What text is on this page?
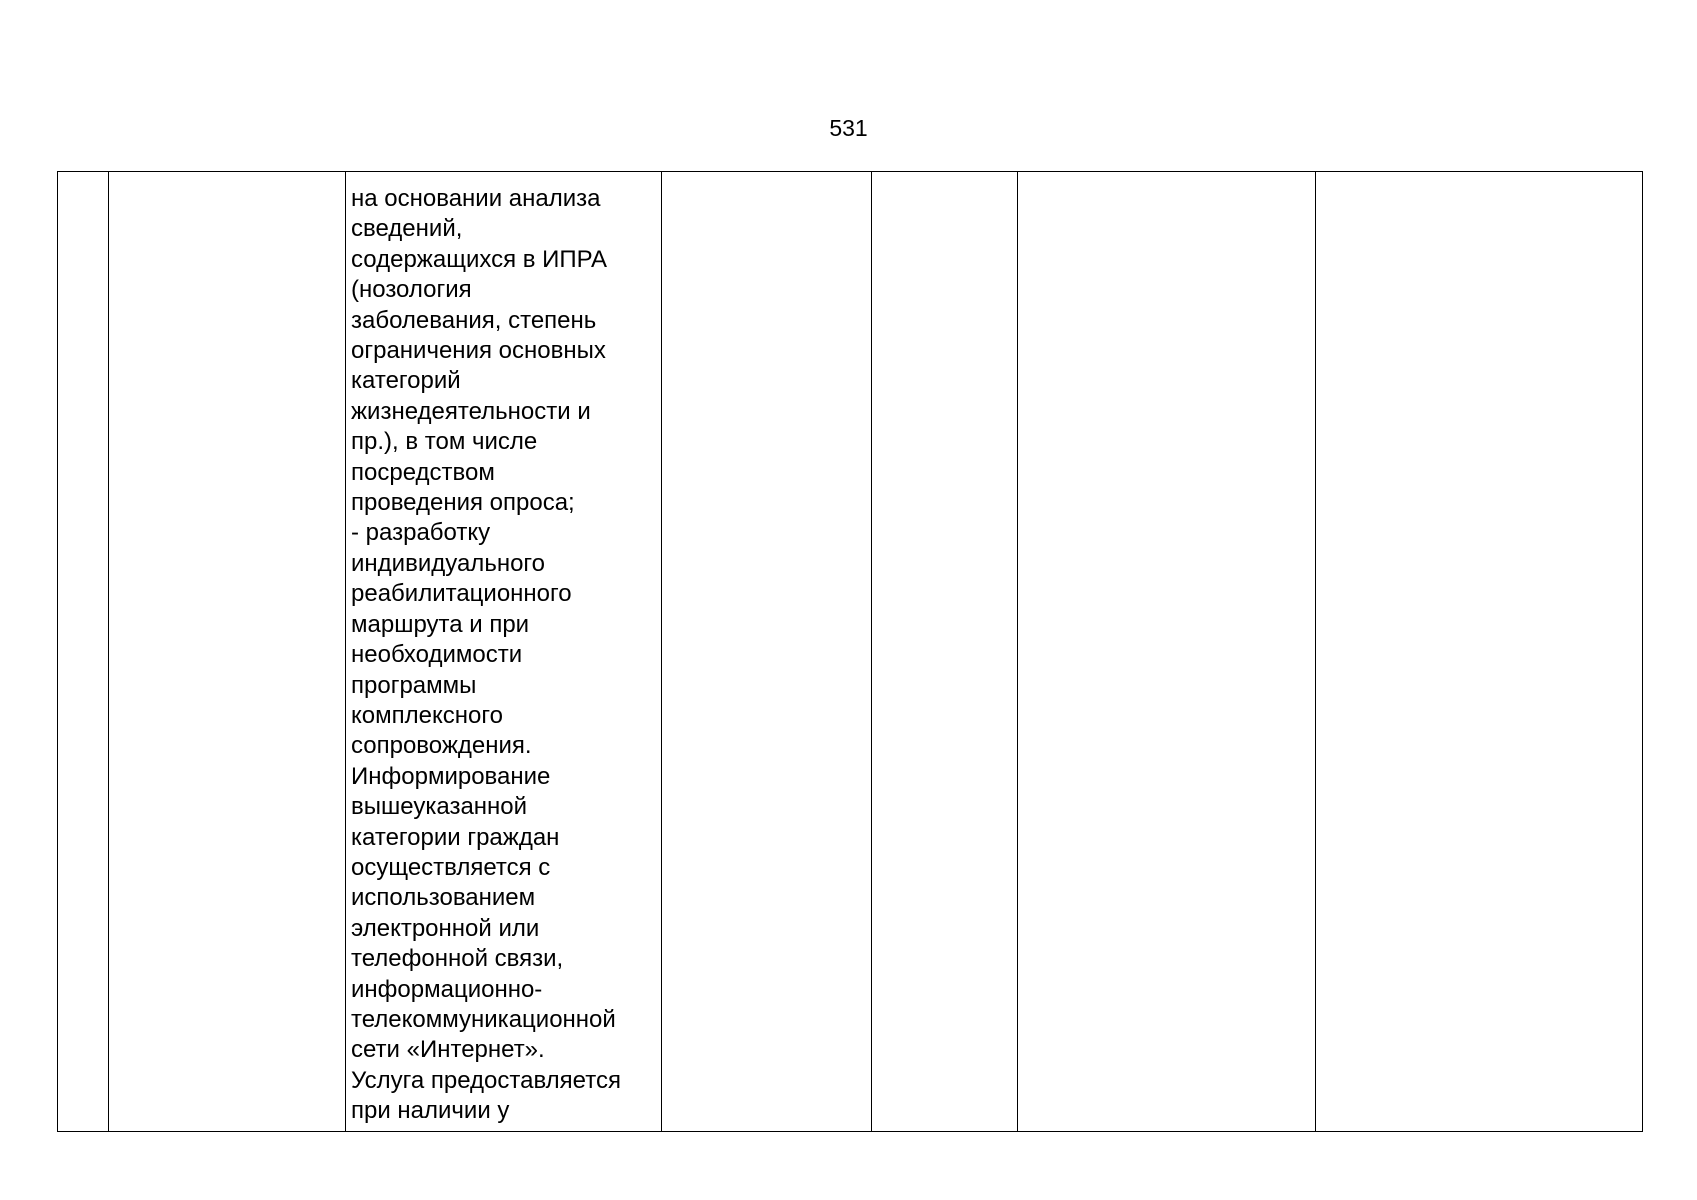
531

на основании анализа
сведений,
содержащихся в ИПРА
(нозология
заболевания, степень
ограничения основных
категорий
жизнедеятельности и
пр.), в том числе
посредством
проведения опроса;
- разработку
индивидуального
реабилитационного
маршрута и при
необходимости
программы
комплексного
сопровождения.
Информирование
вышеуказанной
категории граждан
осуществляется с
использованием
электронной или
телефонной связи,
информационно-
телекоммуникационной
сети «Интернет».
Услуга предоставляется
при наличии у
